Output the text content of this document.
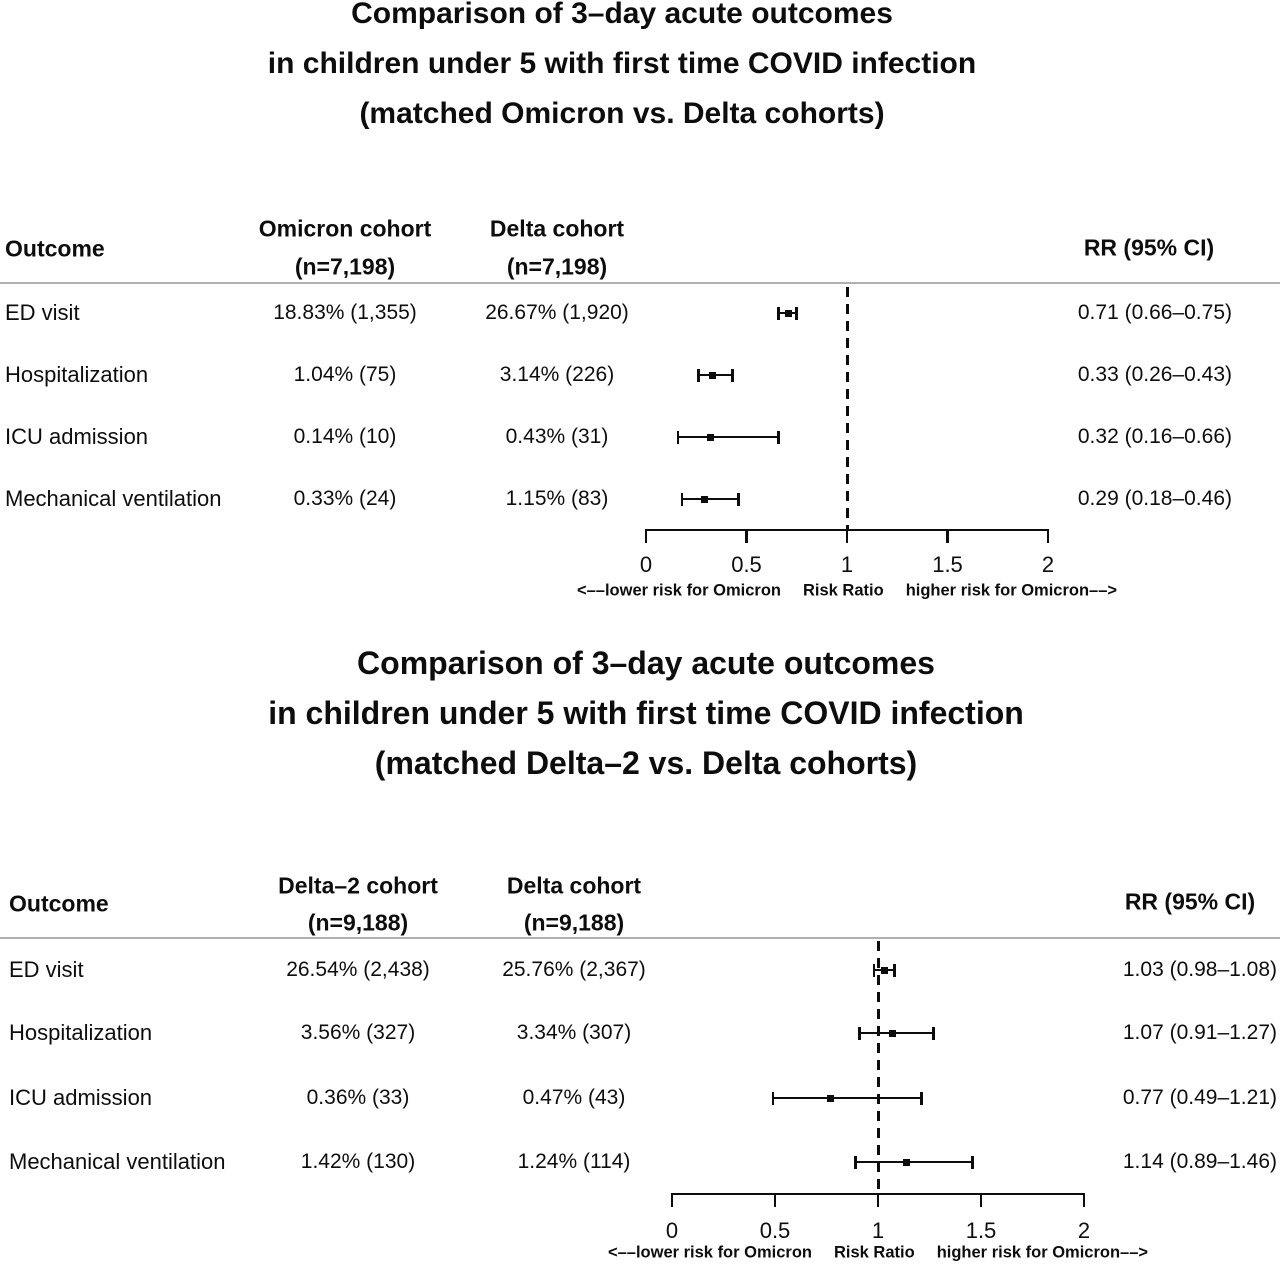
Comparison of 3–day acute outcomes
in children under 5 with first time COVID infection
(matched Omicron vs. Delta cohorts)
Outcome
Omicron cohort
(n=7,198)
Delta cohort
(n=7,198)
RR (95% CI)
ED visit	18.83% (1,355)	26.67% (1,920)	0.71 (0.66–0.75)
Hospitalization	1.04% (75)	3.14% (226)	0.33 (0.26–0.43)
ICU admission	0.14% (10)	0.43% (31)	0.32 (0.16–0.66)
Mechanical ventilation	0.33% (24)	1.15% (83)	0.29 (0.18–0.46)
<––lower risk for Omicron Risk Ratio higher risk for Omicron––>
0	0.5	1	1.5	2
Comparison of 3–day acute outcomes
in children under 5 with first time COVID infection
(matched Delta–2 vs. Delta cohorts)
Outcome
Delta–2 cohort
(n=9,188)
Delta cohort
(n=9,188)
RR (95% CI)
ED visit	26.54% (2,438)	25.76% (2,367)	1.03 (0.98–1.08)
Hospitalization	3.56% (327)	3.34% (307)	1.07 (0.91–1.27)
ICU admission	0.36% (33)	0.47% (43)	0.77 (0.49–1.21)
Mechanical ventilation	1.42% (130)	1.24% (114)	1.14 (0.89–1.46)
<––lower risk for Omicron Risk Ratio higher risk for Omicron––>
0	0.5	1	1.5	2
